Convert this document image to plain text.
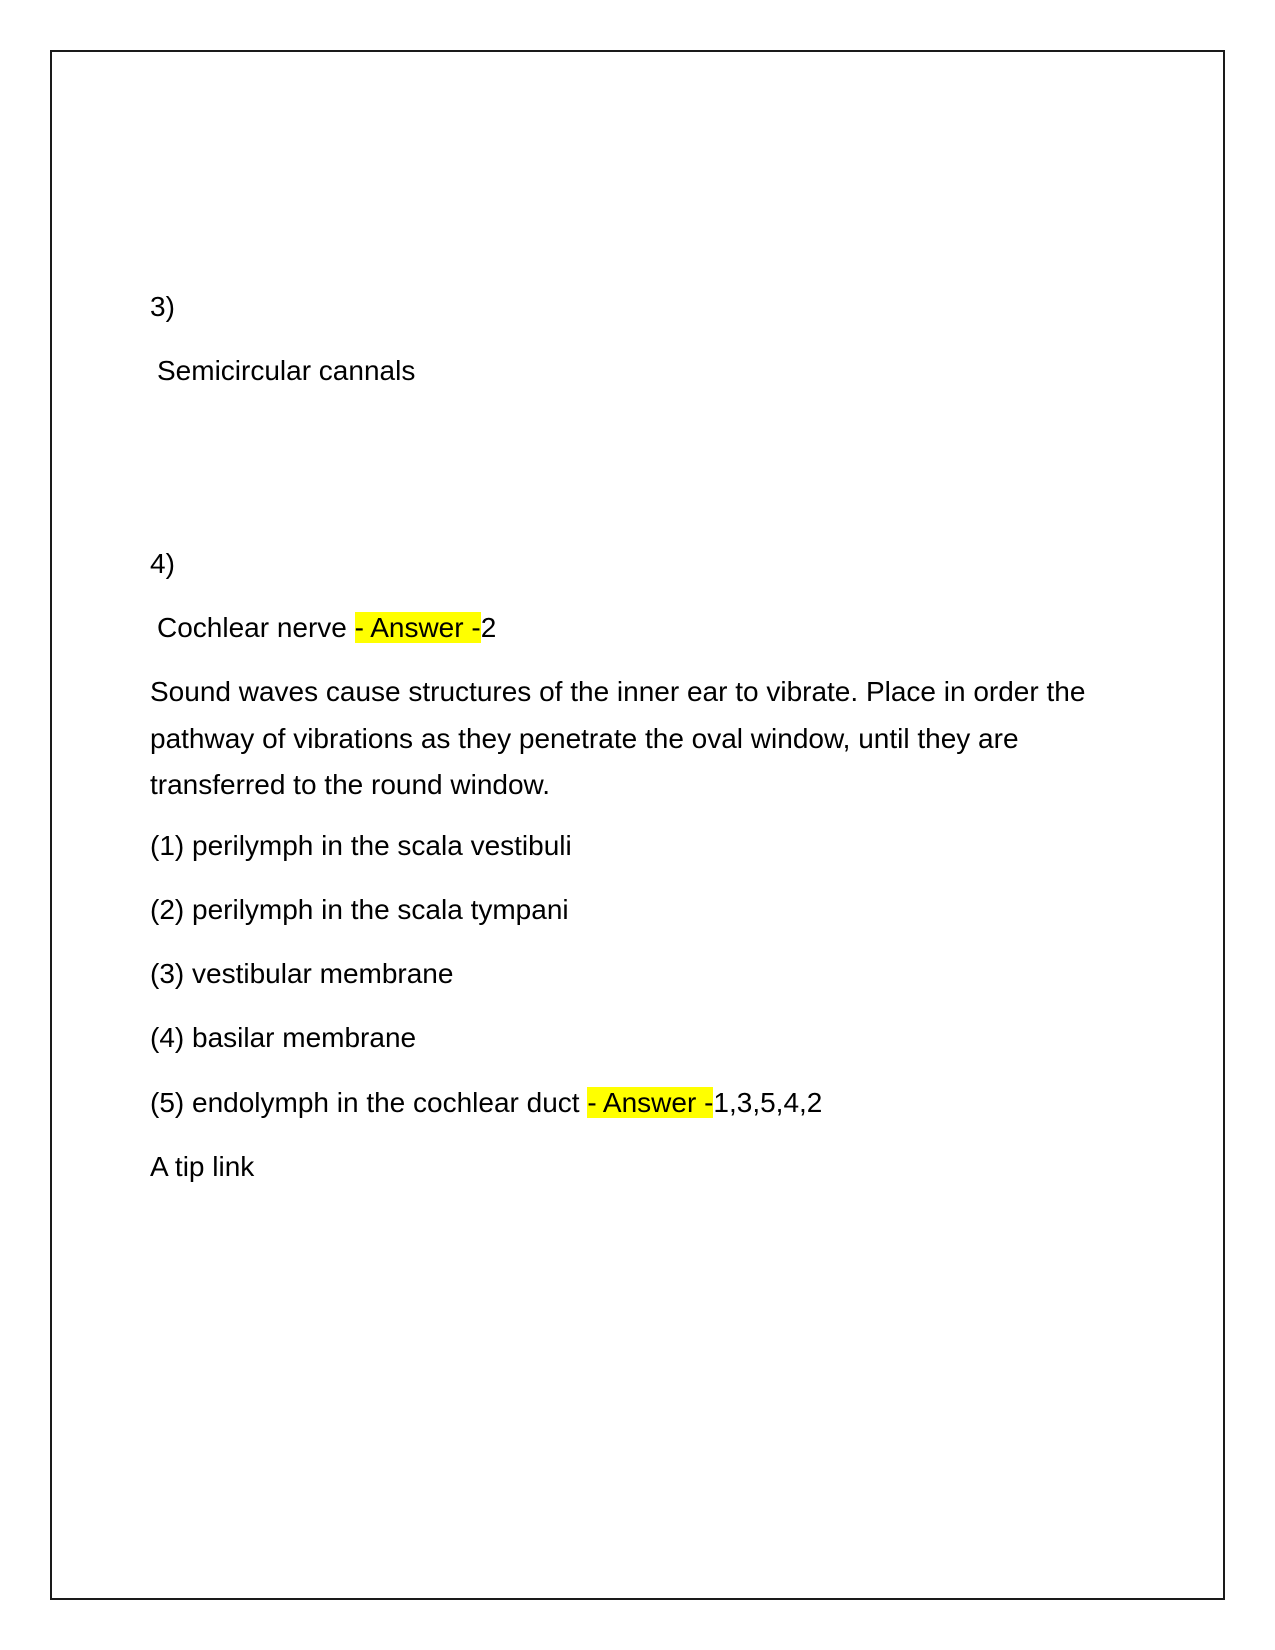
3)
Semicircular cannals
4)
Cochlear nerve - Answer -2
Sound waves cause structures of the inner ear to vibrate. Place in order the pathway of vibrations as they penetrate the oval window, until they are transferred to the round window.
(1) perilymph in the scala vestibuli
(2) perilymph in the scala tympani
(3) vestibular membrane
(4) basilar membrane
(5) endolymph in the cochlear duct - Answer -1,3,5,4,2
A tip link
